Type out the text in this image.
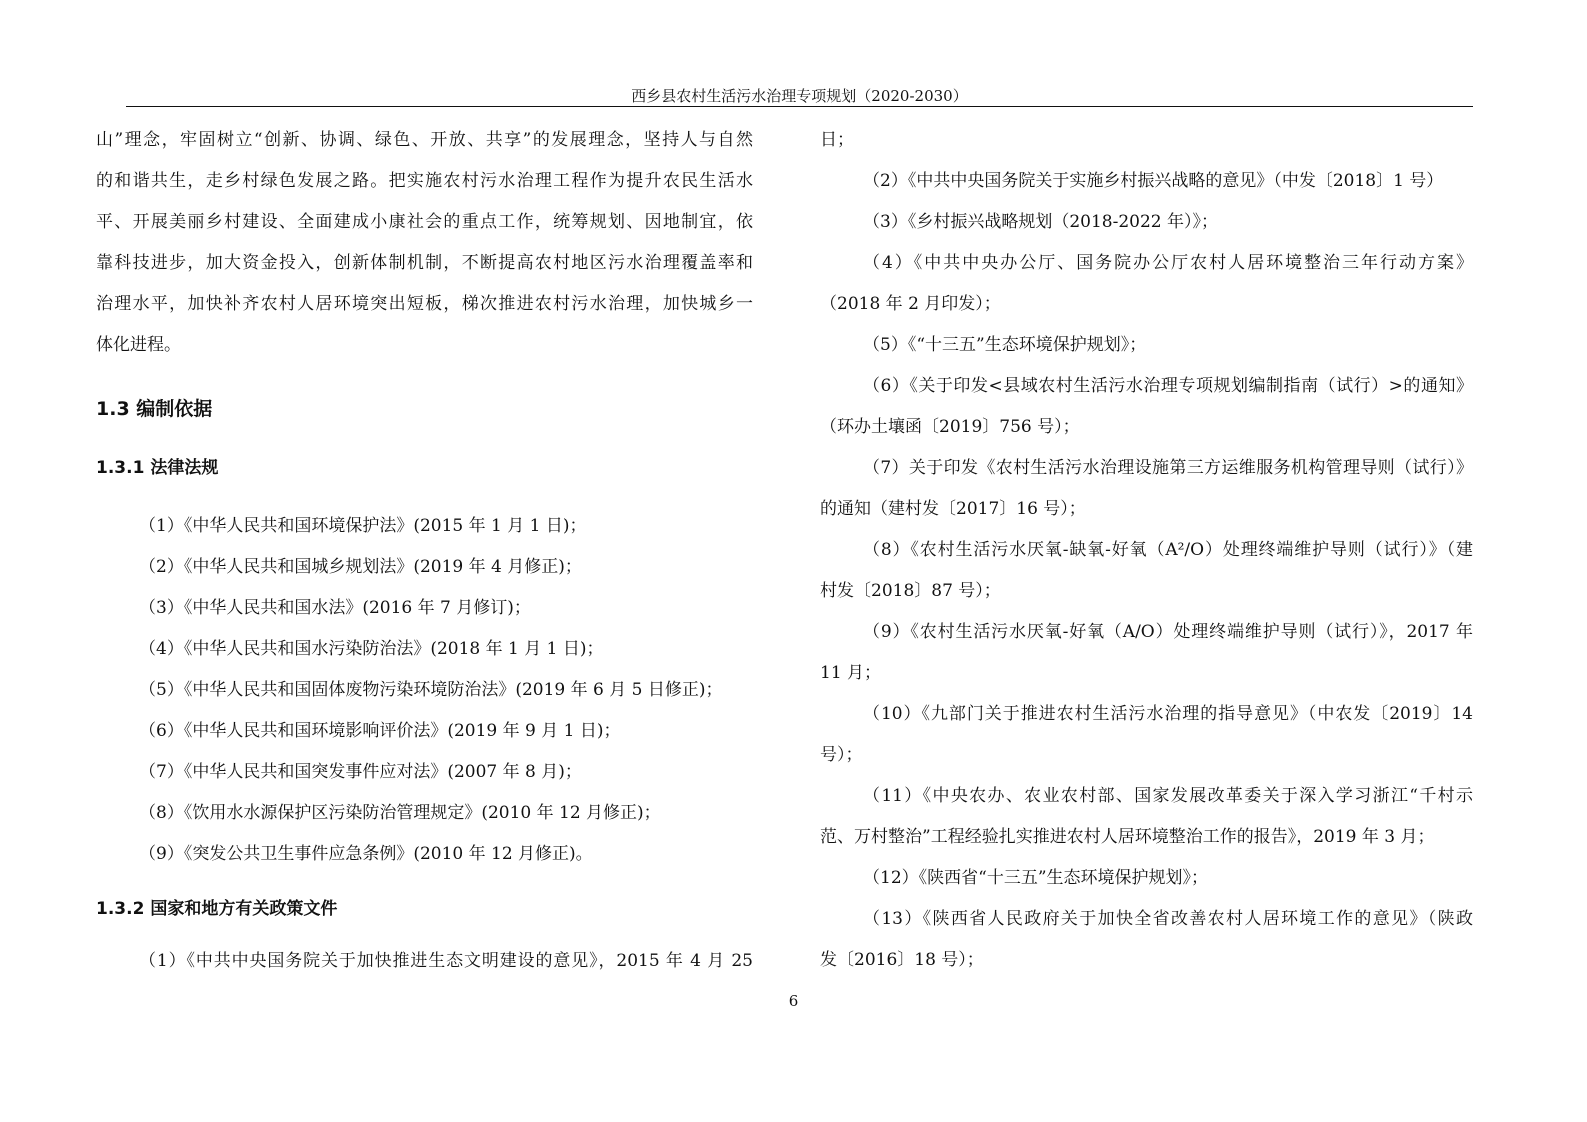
西乡县农村生活污水治理专项规划（2020-2030）

山”理念，牢固树立“创新、协调、绿色、开放、共享”的发展理念，坚持人与自然

的和谐共生，走乡村绿色发展之路。把实施农村污水治理工程作为提升农民生活水

平、开展美丽乡村建设、全面建成小康社会的重点工作，统筹规划、因地制宜，依

靠科技进步，加大资金投入，创新体制机制，不断提高农村地区污水治理覆盖率和

治理水平，加快补齐农村人居环境突出短板，梯次推进农村污水治理，加快城乡一

体化进程。

1.3 编制依据
1.3.1 法律法规

（1）《中华人民共和国环境保护法》(2015 年 1 月 1 日)；

（2）《中华人民共和国城乡规划法》(2019 年 4 月修正)；

（3）《中华人民共和国水法》(2016 年 7 月修订)；

（4）《中华人民共和国水污染防治法》(2018 年 1 月 1 日)；

（5）《中华人民共和国固体废物污染环境防治法》(2019 年 6 月 5 日修正)；

（6）《中华人民共和国环境影响评价法》(2019 年 9 月 1 日)；

（7）《中华人民共和国突发事件应对法》(2007 年 8 月)；

（8）《饮用水水源保护区污染防治管理规定》(2010 年 12 月修正)；

（9）《突发公共卫生事件应急条例》(2010 年 12 月修正)。

1.3.2 国家和地方有关政策文件

（1）《中共中央国务院关于加快推进生态文明建设的意见》，2015 年 4 月 25

日；

（2）《中共中央国务院关于实施乡村振兴战略的意见》（中发〔2018〕1 号）

（3）《乡村振兴战略规划（2018-2022 年）》；

（4）《中共中央办公厅、国务院办公厅农村人居环境整治三年行动方案》

（2018 年 2 月印发）；

（5）《“十三五”生态环境保护规划》；

（6）《关于印发<县域农村生活污水治理专项规划编制指南（试行）>的通知》

（环办土壤函〔2019〕756 号）；

（7）关于印发《农村生活污水治理设施第三方运维服务机构管理导则（试行）》

的通知（建村发〔2017〕16 号）；

（8）《农村生活污水厌氧-缺氧-好氧（A²/O）处理终端维护导则（试行）》（建

村发〔2018〕87 号）；

（9）《农村生活污水厌氧-好氧（A/O）处理终端维护导则（试行）》，2017 年

11 月；

（10）《九部门关于推进农村生活污水治理的指导意见》（中农发〔2019〕14

号）；

（11）《中央农办、农业农村部、国家发展改革委关于深入学习浙江“千村示

范、万村整治”工程经验扎实推进农村人居环境整治工作的报告》，2019 年 3 月；

（12）《陕西省“十三五”生态环境保护规划》；

（13）《陕西省人民政府关于加快全省改善农村人居环境工作的意见》（陕政

发〔2016〕18 号）；

6
